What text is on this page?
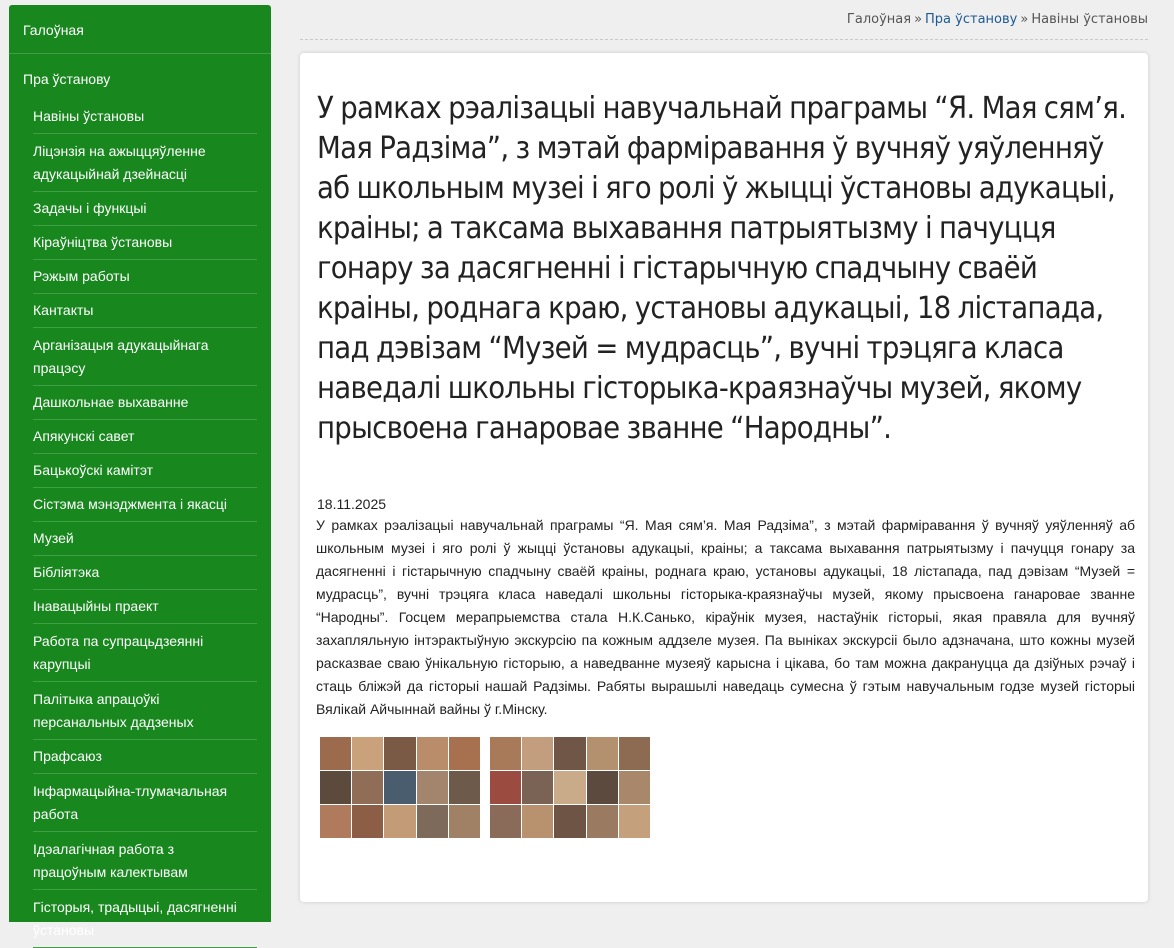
Галоўная
Пра ўстанову
Навіны ўстановы
Ліцэнзія на ажыццяўленне адукацыйнай дзейнасці
Задачы і функцыі
Кіраўніцтва ўстановы
Рэжым работы
Кантакты
Арганізацыя адукацыйнага працэсу
Дашкольнае выхаванне
Апякунскі савет
Бацькоўскі камітэт
Сістэма мэнэджмента і якасці
Музей
Бібліятэка
Інавацыйны праект
Работа па супрацьдзеянні карупцыі
Палітыка апрацоўкі персанальных дадзеных
Прафсаюз
Інфармацыйна-тлумачальная работа
Ідэалагічная работа з працоўным калектывам
Гісторыя, традыцыі, дасягненні ўстановы
Галоўная » Пра ўстанову » Навіны ўстановы
У рамках рэалізацыі навучальнай праграмы “Я. Мая сям’я. Мая Радзіма”, з мэтай фарміравання ў вучняў уяўленняў аб школьным музеі і яго ролі ў жыцці ўстановы адукацыі, краіны; а таксама выхавання патрыятызму і пачуцця гонару за дасягненні і гістарычную спадчыну сваёй краіны, роднага краю, установы адукацыі, 18 лістапада, пад дэвізам “Музей = мудрасць”, вучні трэцяга класа наведалі школьны гісторыка-краязнаўчы музей, якому прысвоена ганаровае званне “Народны”.
18.11.2025

У рамках рэалізацыі навучальнай праграмы “Я. Мая сям’я. Мая Радзіма”, з мэтай фарміравання ў вучняў уяўленняў аб школьным музеі і яго ролі ў жыцці ўстановы адукацыі, краіны; а таксама выхавання патрыятызму і пачуцця гонару за дасягненні і гістарычную спадчыну сваёй краіны, роднага краю, установы адукацыі, 18 лістапада, пад дэвізам “Музей = мудрасць”, вучні трэцяга класа наведалі школьны гісторыка-краязнаўчы музей, якому прысвоена ганаровае званне “Народны”. Госцем мерапрыемства стала Н.К.Санько, кіраўнік музея, настаўнік гісторыі, якая правяла для вучняў захапляльную інтэрактыўную экскурсію па кожным аддзеле музея. Па выніках экскурсіі было адзначана, што кожны музей расказвае сваю ўнікальную гісторыю, а наведванне музеяў карысна і цікава, бо там можна дакрануцца да дзіўных рэчаў і стаць бліжэй да гісторыі нашай Радзімы. Рабяты вырашылі наведаць сумесна ў гэтым навучальным годзе музей гісторыі Вялікай Айчыннай вайны ў г.Мінску.
